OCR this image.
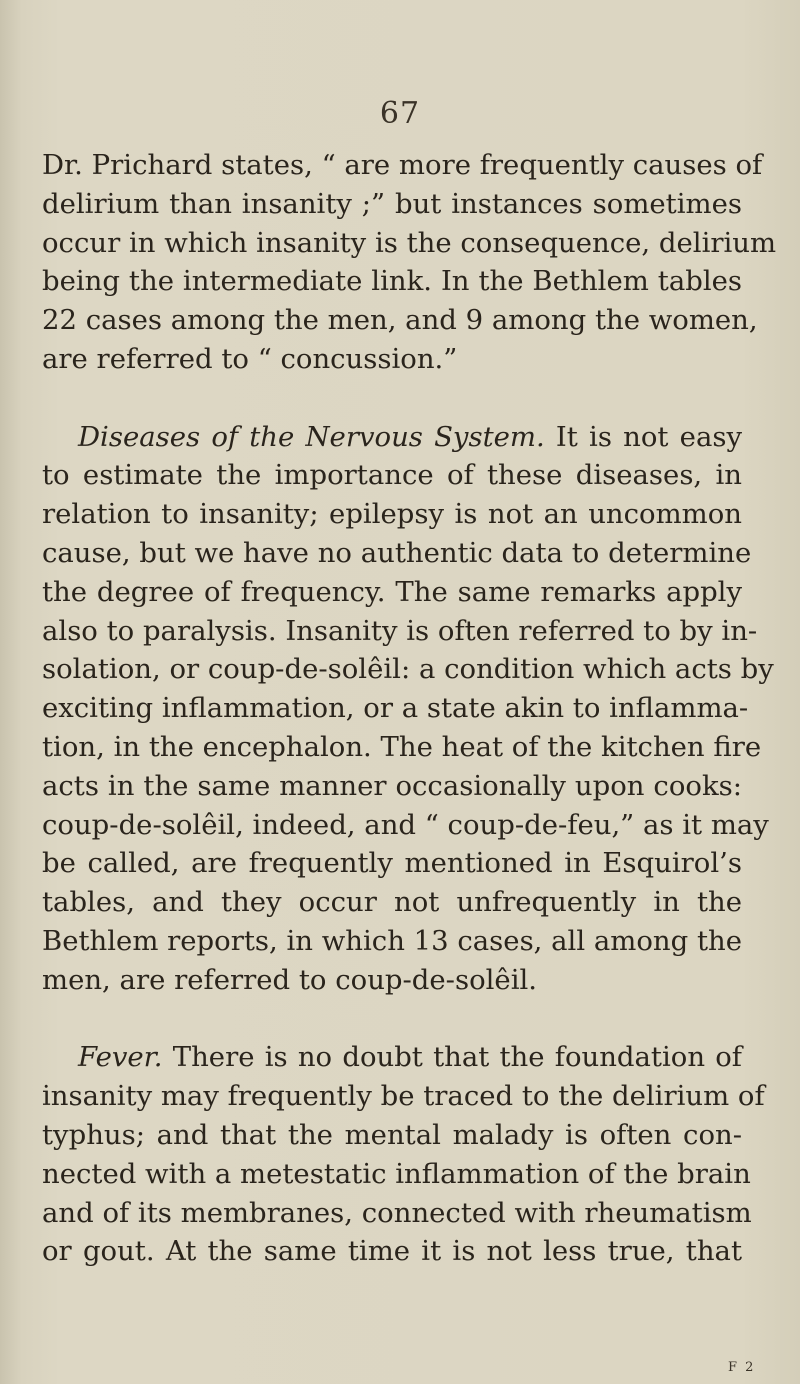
67
Dr. Prichard states, “ are more frequently causes of
delirium than insanity ;” but instances sometimes
occur in which insanity is the consequence, delirium
being the intermediate link. In the Bethlem tables
22 cases among the men, and 9 among the women,
are referred to “ concussion.”
Diseases of the Nervous System. It is not easy
to estimate the importance of these diseases, in
relation to insanity; epilepsy is not an uncommon
cause, but we have no authentic data to determine
the degree of frequency. The same remarks apply
also to paralysis. Insanity is often referred to by in-
solation, or coup-de-solêil: a condition which acts by
exciting inflammation, or a state akin to inflamma-
tion, in the encephalon. The heat of the kitchen fire
acts in the same manner occasionally upon cooks:
coup-de-solêil, indeed, and “ coup-de-feu,” as it may
be called, are frequently mentioned in Esquirol’s
tables, and they occur not unfrequently in the
Bethlem reports, in which 13 cases, all among the
men, are referred to coup-de-solêil.
Fever. There is no doubt that the foundation of
insanity may frequently be traced to the delirium of
typhus; and that the mental malady is often con-
nected with a metestatic inflammation of the brain
and of its membranes, connected with rheumatism
or gout. At the same time it is not less true, that
F 2
